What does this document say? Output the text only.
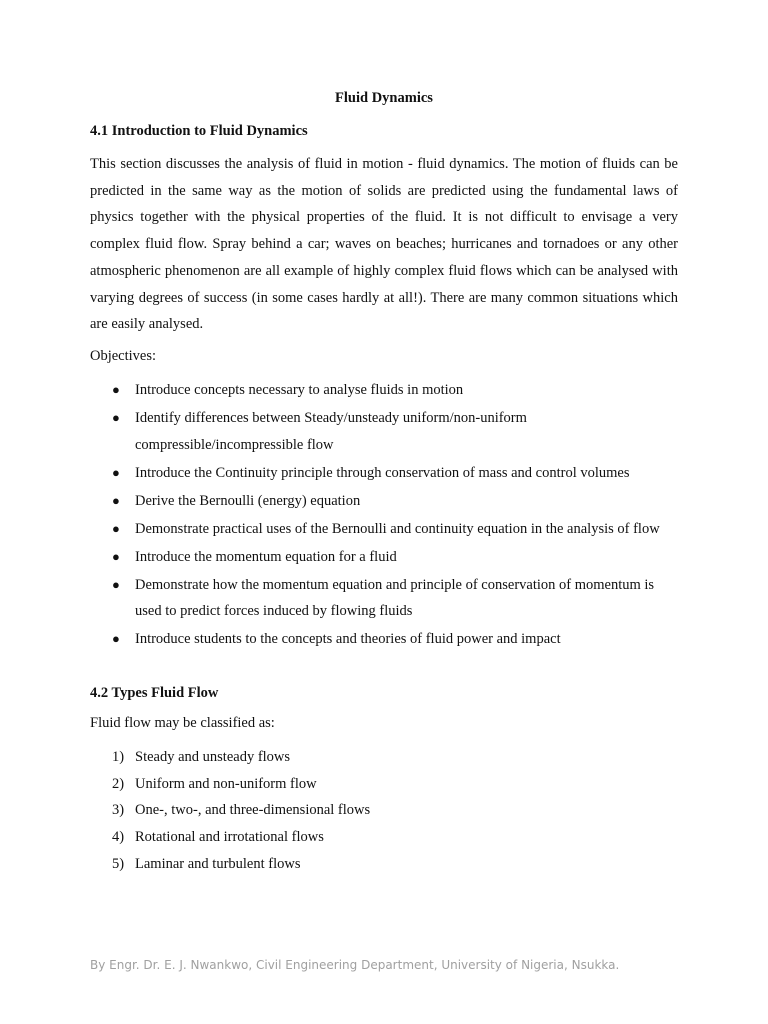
Fluid Dynamics
4.1 Introduction to Fluid Dynamics

This section discusses the analysis of fluid in motion - fluid dynamics. The motion of fluids can be predicted in the same way as the motion of solids are predicted using the fundamental laws of physics together with the physical properties of the fluid. It is not difficult to envisage a very complex fluid flow. Spray behind a car; waves on beaches; hurricanes and tornadoes or any other atmospheric phenomenon are all example of highly complex fluid flows which can be analysed with varying degrees of success (in some cases hardly at all!). There are many common situations which are easily analysed.

Objectives:
● Introduce concepts necessary to analyse fluids in motion
● Identify differences between Steady/unsteady uniform/non-uniform compressible/incompressible flow
● Introduce the Continuity principle through conservation of mass and control volumes
● Derive the Bernoulli (energy) equation
● Demonstrate practical uses of the Bernoulli and continuity equation in the analysis of flow
● Introduce the momentum equation for a fluid
● Demonstrate how the momentum equation and principle of conservation of momentum is used to predict forces induced by flowing fluids
● Introduce students to the concepts and theories of fluid power and impact
4.2 Types Fluid Flow
Fluid flow may be classified as:
1) Steady and unsteady flows
2) Uniform and non-uniform flow
3) One-, two-, and three-dimensional flows
4) Rotational and irrotational flows
5) Laminar and turbulent flows
By Engr. Dr. E. J. Nwankwo, Civil Engineering Department, University of Nigeria, Nsukka.
